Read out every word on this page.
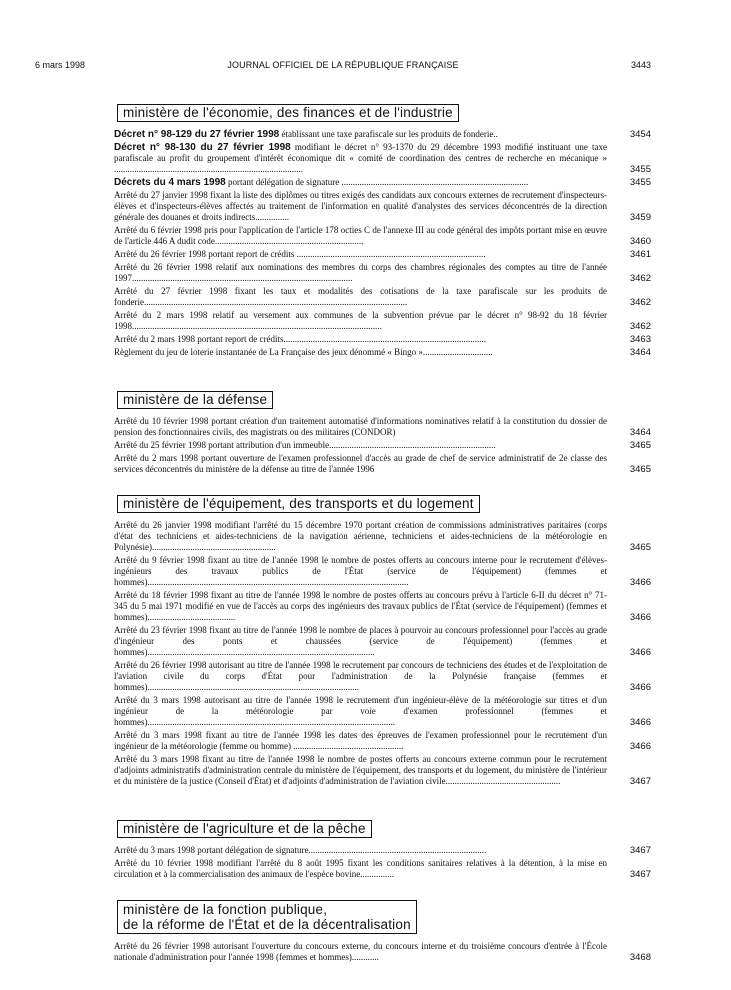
6 mars 1998	JOURNAL OFFICIEL DE LA RÉPUBLIQUE FRANÇAISE	3443
ministère de l'économie, des finances et de l'industrie
Décret n° 98-129 du 27 février 1998 établissant une taxe parafiscale sur les produits de fonderie..	3454
Décret n° 98-130 du 27 février 1998 modifiant le décret n° 93-1370 du 29 décembre 1993 modifié instituant une taxe parafiscale au profit du groupement d'intérêt économique dit « comité de coordination des centres de recherche en mécanique » ....................................................................................	3455
Décrets du 4 mars 1998 portant délégation de signature ...................................................................................	3455
Arrêté du 27 janvier 1998 fixant la liste des diplômes ou titres exigés des candidats aux concours externes de recrutement d'inspecteurs-élèves et d'inspecteurs-élèves affectés au traitement de l'information en qualité d'analystes des services déconcentrés de la direction générale des douanes et droits indirects...............	3459
Arrêté du 6 février 1998 pris pour l'application de l'article 178 octies C de l'annexe III au code général des impôts portant mise en œuvre de l'article 446 A dudit code..................................................................	3460
Arrêté du 26 février 1998 portant report de crédits ....................................................................................	3461
Arrêté du 26 février 1998 relatif aux nominations des membres du corps des chambres régionales des comptes au titre de l'année 1997..................................................................................................	3462
Arrêté du 27 février 1998 fixant les taux et modalités des cotisations de la taxe parafiscale sur les produits de fonderie.....................................................................................................................	3462
Arrêté du 2 mars 1998 relatif au versement aux communes de la subvention prévue par le décret n° 98-92 du 18 février 1998...............................................................................................................	3462
Arrêté du 2 mars 1998 portant report de crédits..........................................................................................	3463
Règlement du jeu de loterie instantanée de La Française des jeux dénommé « Bingo »...............................	3464
ministère de la défense
Arrêté du 10 février 1998 portant création d'un traitement automatisé d'informations nominatives relatif à la constitution du dossier de pension des fonctionnaires civils, des magistrats ou des militaires (CONDOR)	3464
Arrêté du 25 février 1998 portant attribution d'un immeuble..........................................................................	3465
Arrêté du 2 mars 1998 portant ouverture de l'examen professionnel d'accès au grade de chef de service administratif de 2e classe des services déconcentrés du ministère de la défense au titre de l'année 1996	3465
ministère de l'équipement, des transports et du logement
Arrêté du 26 janvier 1998 modifiant l'arrêté du 15 décembre 1970 portant création de commissions administratives paritaires (corps d'état des techniciens et aides-techniciens de la navigation aérienne, techniciens et aides-techniciens de la météorologie en Polynésie).......................................................	3465
Arrêté du 9 février 1998 fixant au titre de l'année 1998 le nombre de postes offerts au concours interne pour le recrutement d'élèves-ingénieurs des travaux publics de l'État (service de l'équipement) (femmes et hommes)....................................................................................................................	3466
Arrêté du 18 février 1998 fixant au titre de l'année 1998 le nombre de postes offerts au concours prévu à l'article 6-II du décret n° 71-345 du 5 mai 1971 modifié en vue de l'accès au corps des ingénieurs des travaux publics de l'État (service de l'équipement) (femmes et hommes).......................................	3466
Arrêté du 23 février 1998 fixant au titre de l'année 1998 le nombre de places à pourvoir au concours professionnel pour l'accès au grade d'ingénieur des ponts et chaussées (service de l'équipement) (femmes et hommes).....................................................................................................	3466
Arrêté du 26 février 1998 autorisant au titre de l'année 1998 le recrutement par concours de techniciens des études et de l'exploitation de l'aviation civile du corps d'État pour l'administration de la Polynésie française (femmes et hommes)..............................................................................................	3466
Arrêté du 3 mars 1998 autorisant au titre de l'année 1998 le recrutement d'un ingénieur-élève de la météorologie sur titres et d'un ingénieur de la météorologie par voie d'examen professionnel (femmes et hommes)..............................................................................................................	3466
Arrêté du 3 mars 1998 fixant au titre de l'année 1998 les dates des épreuves de l'examen professionnel pour le recrutement d'un ingénieur de la météorologie (femme ou homme) .................................................	3466
Arrêté du 3 mars 1998 fixant au titre de l'année 1998 le nombre de postes offerts au concours externe commun pour le recrutement d'adjoints administratifs d'administration centrale du ministère de l'équipement, des transports et du logement, du ministère de l'intérieur et du ministère de la justice (Conseil d'État) et d'adjoints d'administration de l'aviation civile...................................................	3467
ministère de l'agriculture et de la pêche
Arrêté du 3 mars 1998 portant délégation de signature...............................................................................	3467
Arrêté du 10 février 1998 modifiant l'arrêté du 8 août 1995 fixant les conditions sanitaires relatives à la détention, à la mise en circulation et à la commercialisation des animaux de l'espèce bovine...............	3467
ministère de la fonction publique,
de la réforme de l'État et de la décentralisation
Arrêté du 26 février 1998 autorisant l'ouverture du concours externe, du concours interne et du troisième concours d'entrée à l'École nationale d'administration pour l'année 1998 (femmes et hommes)............	3468
